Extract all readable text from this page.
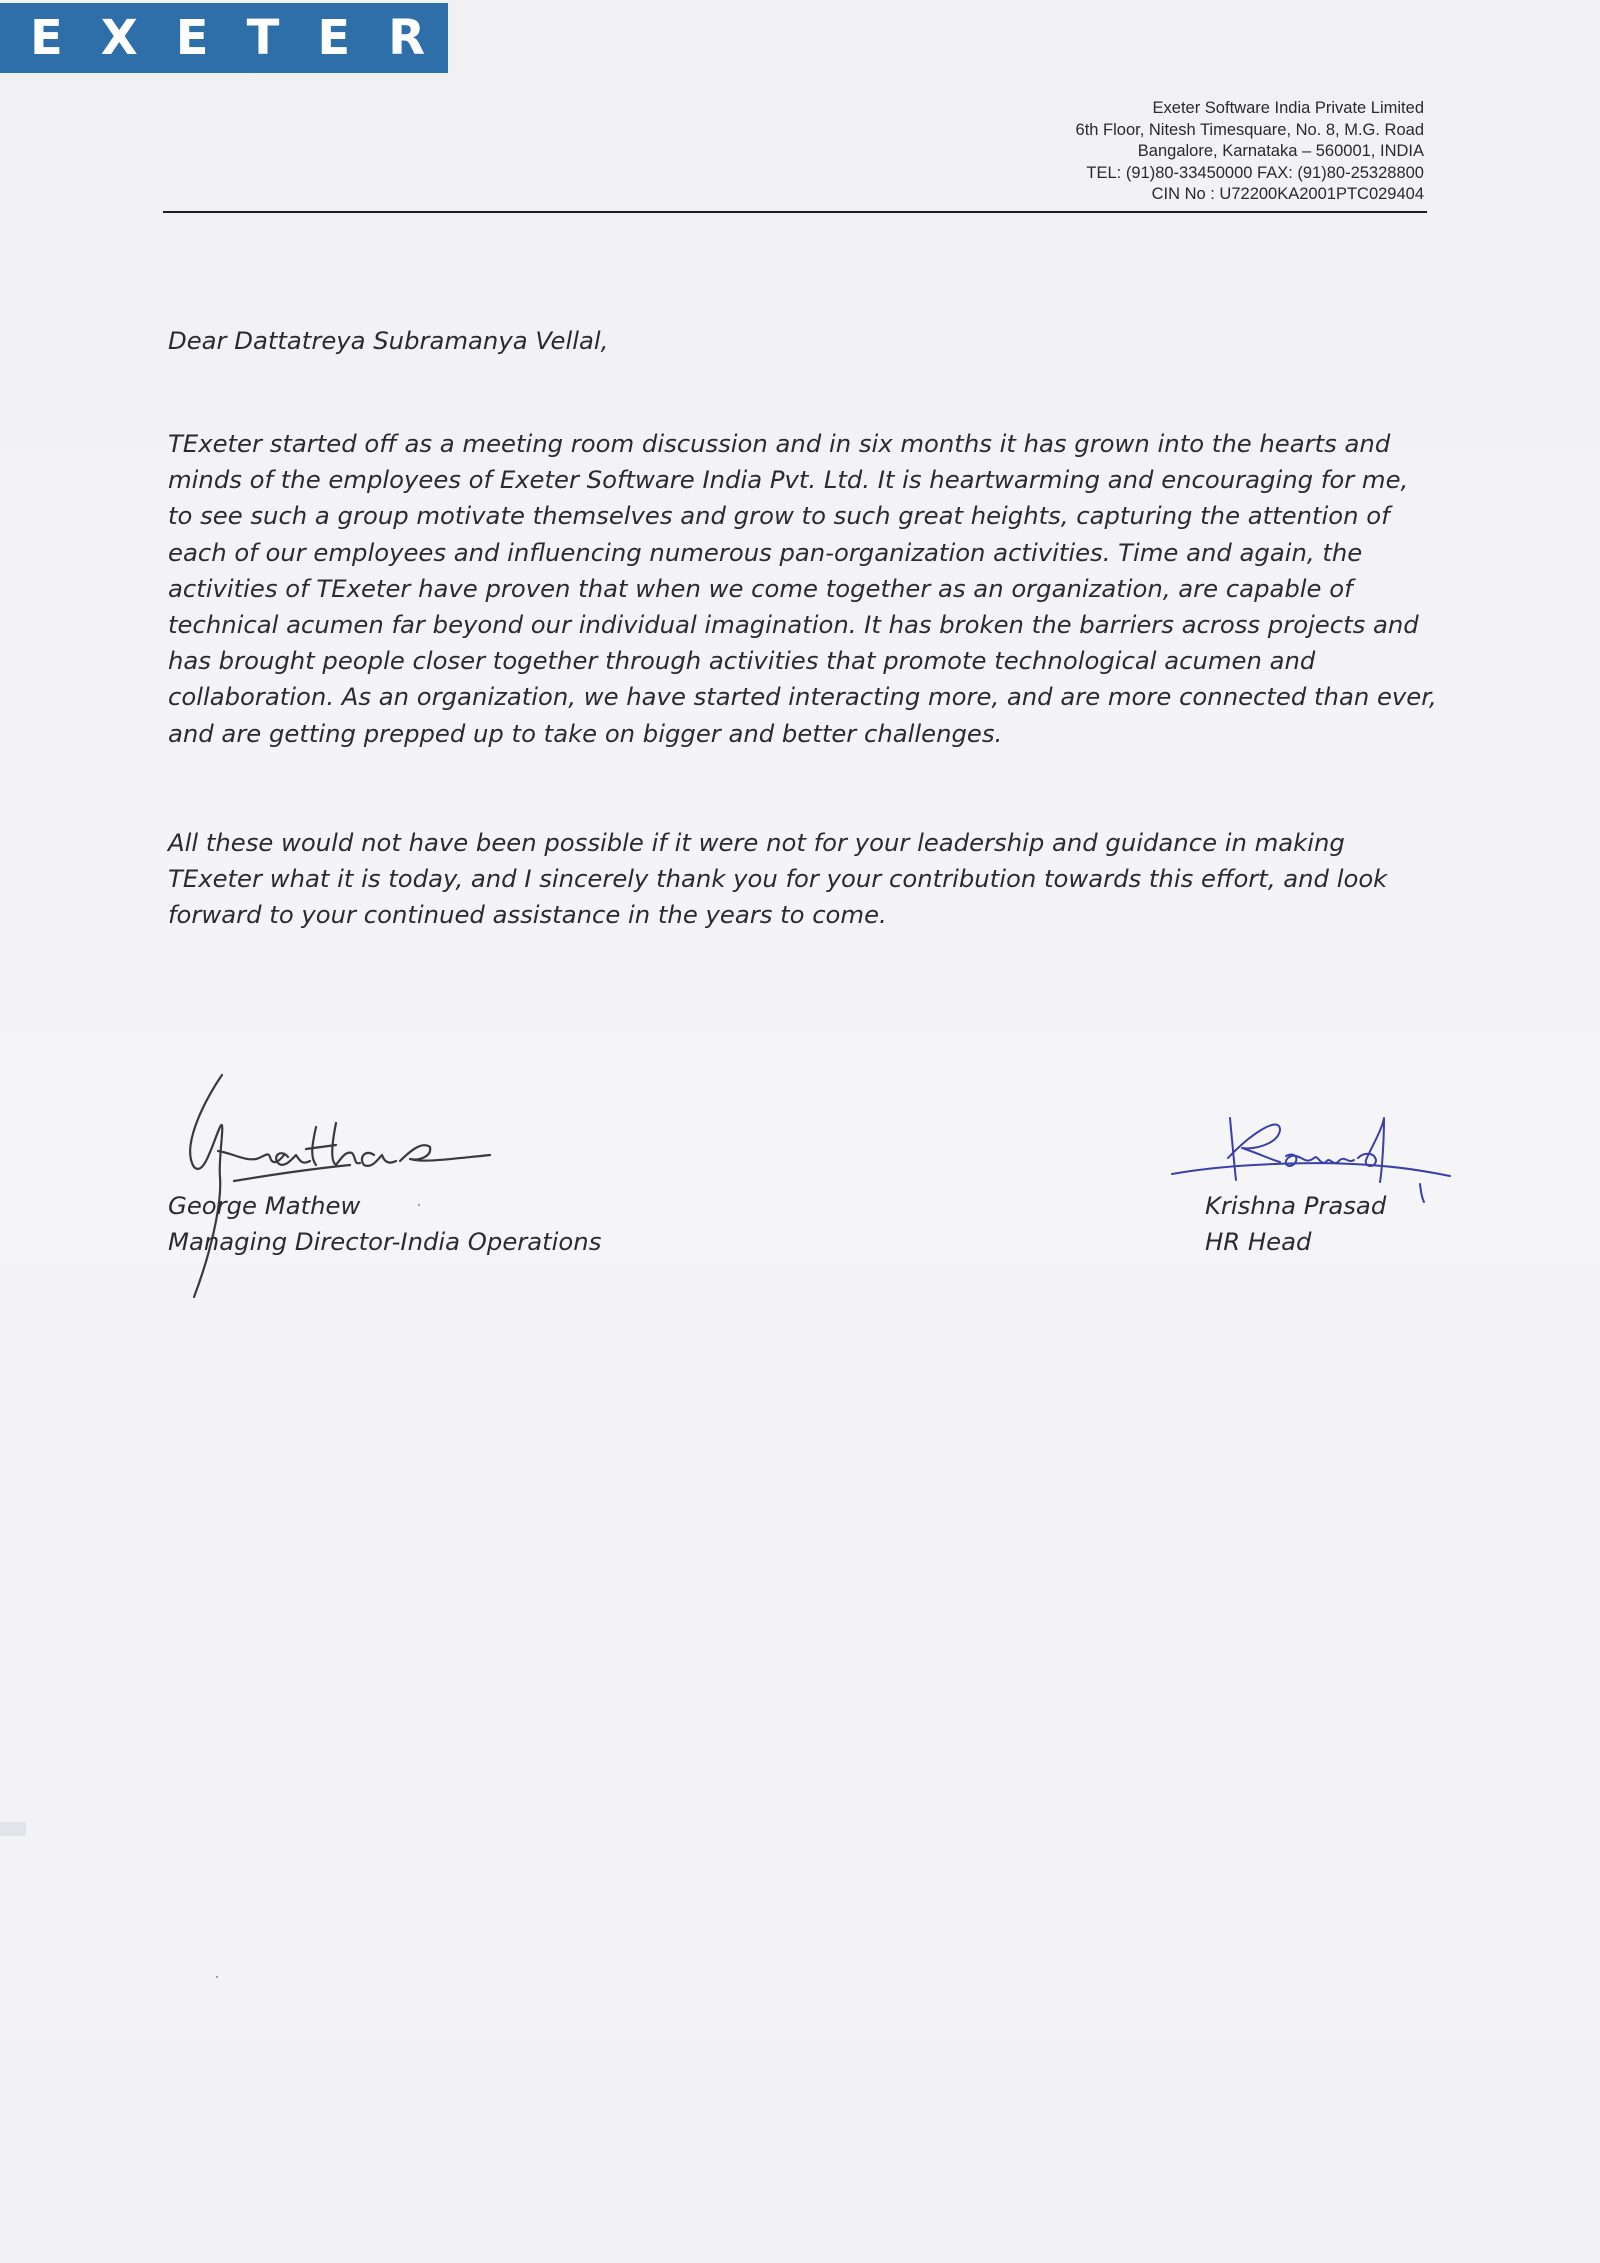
EXETER
Exeter Software India Private Limited
6th Floor, Nitesh Timesquare, No. 8, M.G. Road
Bangalore, Karnataka – 560001, INDIA
TEL: (91)80-33450000 FAX: (91)80-25328800
CIN No : U72200KA2001PTC029404
Dear Dattatreya Subramanya Vellal,

TExeter started off as a meeting room discussion and in six months it has grown into the hearts and minds of the employees of Exeter Software India Pvt. Ltd. It is heartwarming and encouraging for me, to see such a group motivate themselves and grow to such great heights, capturing the attention of each of our employees and influencing numerous pan-organization activities. Time and again, the activities of TExeter have proven that when we come together as an organization, are capable of technical acumen far beyond our individual imagination. It has broken the barriers across projects and has brought people closer together through activities that promote technological acumen and collaboration. As an organization, we have started interacting more, and are more connected than ever, and are getting prepped up to take on bigger and better challenges.

All these would not have been possible if it were not for your leadership and guidance in making TExeter what it is today, and I sincerely thank you for your contribution towards this effort, and look forward to your continued assistance in the years to come.

George Mathew
Managing Director-India Operations
Krishna Prasad
HR Head
